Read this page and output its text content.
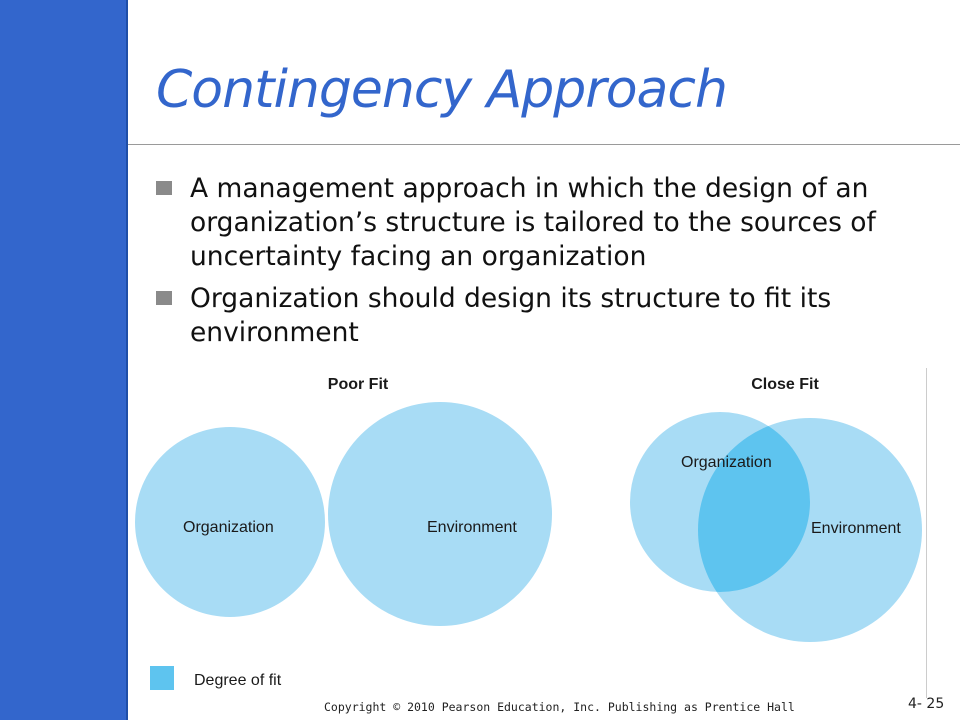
Contingency Approach
A management approach in which the design of an organization’s structure is tailored to the sources of uncertainty facing an organization
Organization should design its structure to fit its environment
Poor Fit
Organization	Environment
Close Fit
Organization
Environment
Degree of fit
Copyright © 2010 Pearson Education, Inc. Publishing as Prentice Hall	4- 25
